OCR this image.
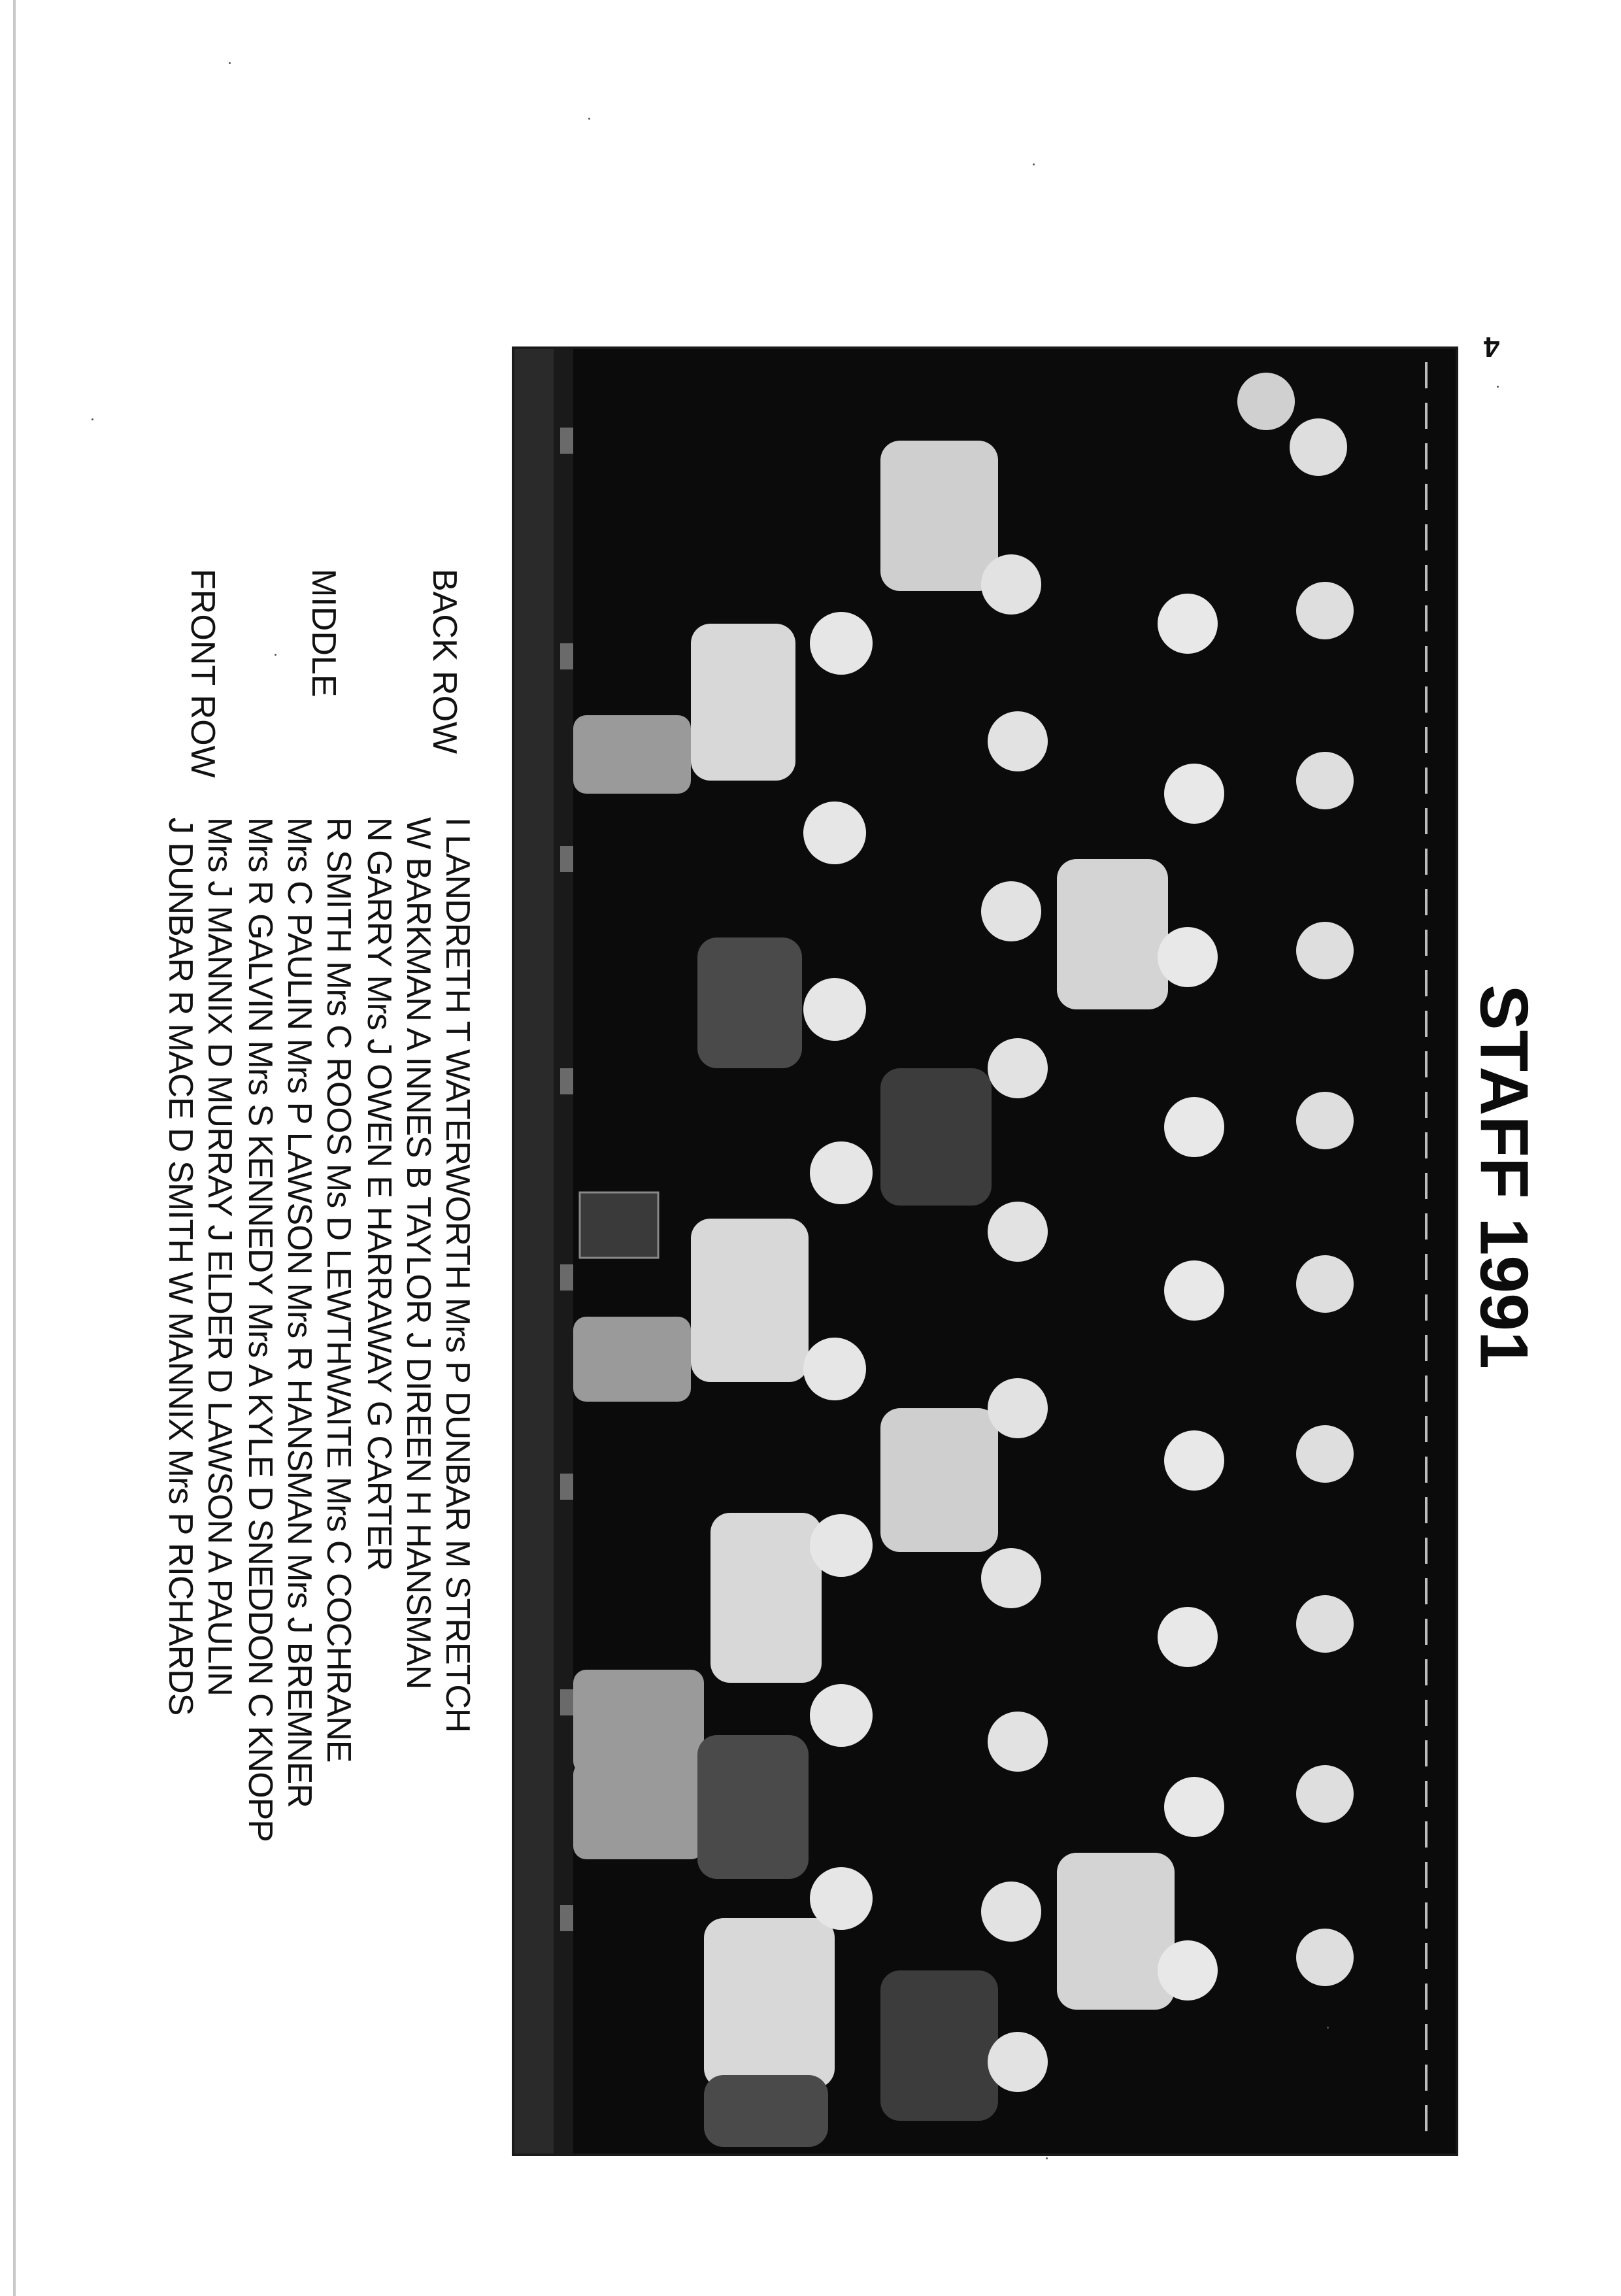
4
STAFF 1991
BACK ROW
MIDDLE
FRONT ROW
I LANDRETH T WATERWORTH Mrs P DUNBAR M STRETCH
W BARKMAN A INNES B TAYLOR J DIREEN H HANSMAN
N GARRY Mrs J OWEN E HARRAWAY G CARTER
R SMITH Mrs C ROOS Ms D LEWTHWAITE Mrs C COCHRANE
Mrs C PAULIN Mrs P LAWSON Mrs R HANSMAN Mrs J BREMNER
Mrs R GALVIN Mrs S KENNEDY Mrs A KYLE D SNEDDON C KNOPP
Mrs J MANNIX D MURRAY J ELDER D LAWSON A PAULIN
J DUNBAR R MACE D SMITH W MANNIX Mrs P RICHARDS
